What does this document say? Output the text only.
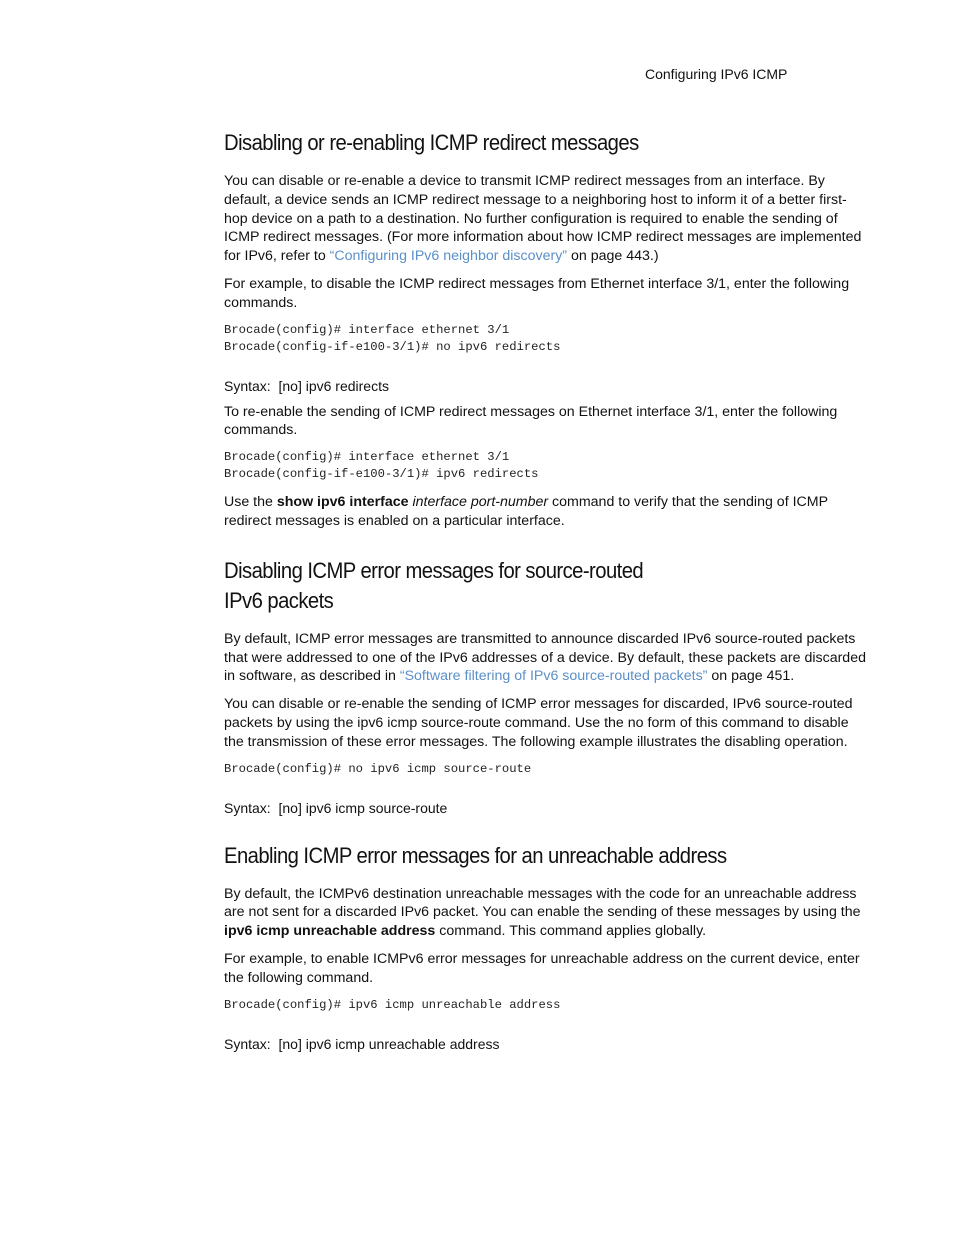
Configuring IPv6 ICMP
Disabling or re-enabling ICMP redirect messages

You can disable or re-enable a device to transmit ICMP redirect messages from an interface. By default, a device sends an ICMP redirect message to a neighboring host to inform it of a better first-hop device on a path to a destination. No further configuration is required to enable the sending of ICMP redirect messages. (For more information about how ICMP redirect messages are implemented for IPv6, refer to “Configuring IPv6 neighbor discovery” on page 443.)

For example, to disable the ICMP redirect messages from Ethernet interface 3/1, enter the following commands.

Brocade(config)# interface ethernet 3/1
Brocade(config-if-e100-3/1)# no ipv6 redirects
Syntax: [no] ipv6 redirects

To re-enable the sending of ICMP redirect messages on Ethernet interface 3/1, enter the following commands.

Brocade(config)# interface ethernet 3/1
Brocade(config-if-e100-3/1)# ipv6 redirects

Use the show ipv6 interface interface port-number command to verify that the sending of ICMP redirect messages is enabled on a particular interface.

Disabling ICMP error messages for source-routed IPv6 packets

By default, ICMP error messages are transmitted to announce discarded IPv6 source-routed packets that were addressed to one of the IPv6 addresses of a device. By default, these packets are discarded in software, as described in “Software filtering of IPv6 source-routed packets” on page 451.

You can disable or re-enable the sending of ICMP error messages for discarded, IPv6 source-routed packets by using the ipv6 icmp source-route command. Use the no form of this command to disable the transmission of these error messages. The following example illustrates the disabling operation.

Brocade(config)# no ipv6 icmp source-route
Syntax: [no] ipv6 icmp source-route
Enabling ICMP error messages for an unreachable address

By default, the ICMPv6 destination unreachable messages with the code for an unreachable address are not sent for a discarded IPv6 packet. You can enable the sending of these messages by using the ipv6 icmp unreachable address command. This command applies globally.

For example, to enable ICMPv6 error messages for unreachable address on the current device, enter the following command.

Brocade(config)# ipv6 icmp unreachable address
Syntax: [no] ipv6 icmp unreachable address
